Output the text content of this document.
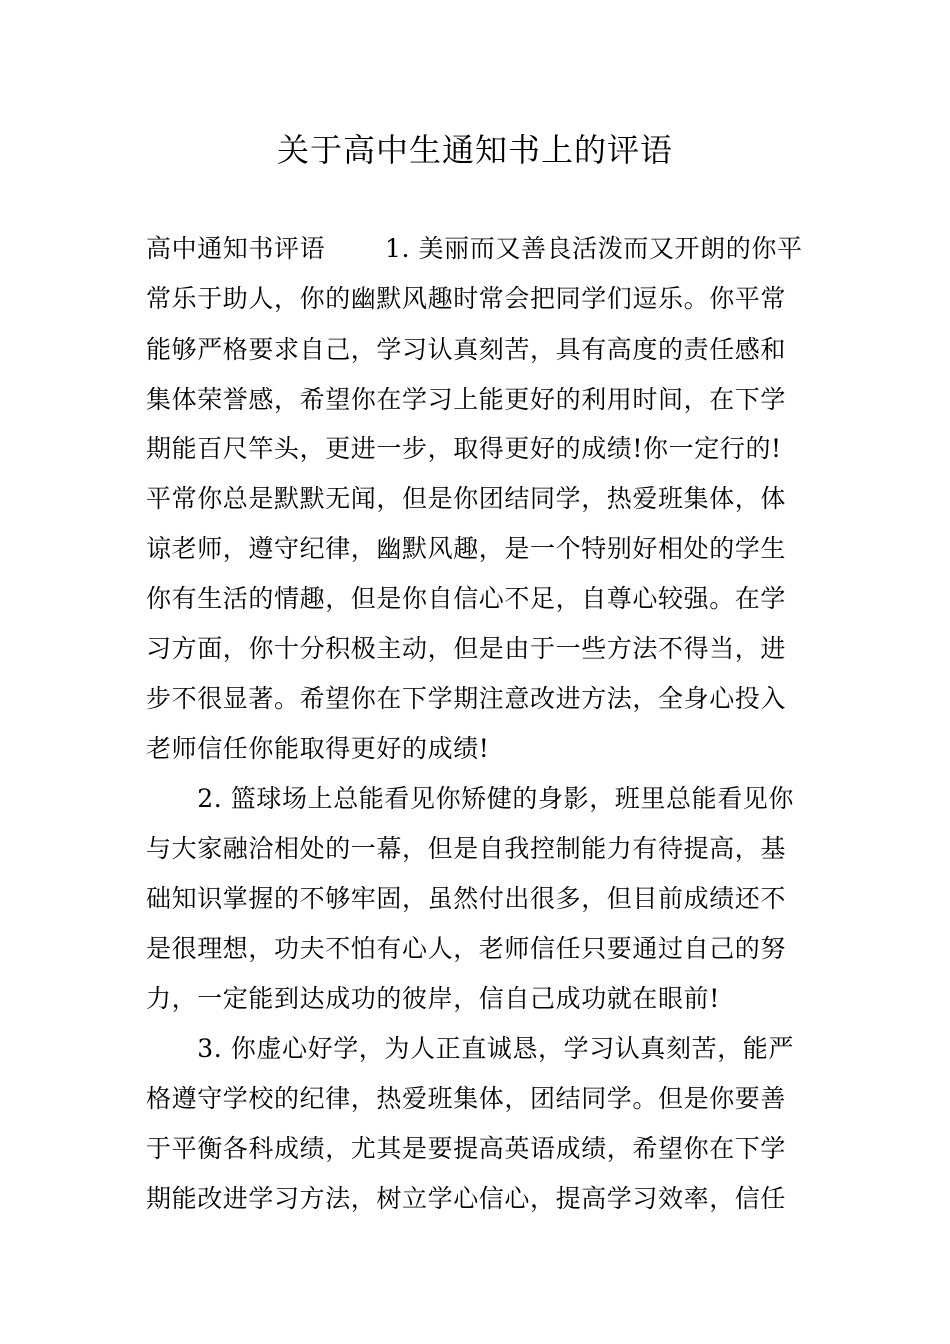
关于高中生通知书上的评语
高中通知书评语　　 1. 美丽而又善良活泼而又开朗的你平
常乐于助人，你的幽默风趣时常会把同学们逗乐。你平常
能够严格要求自己，学习认真刻苦，具有高度的责任感和
集体荣誉感，希望你在学习上能更好的利用时间，在下学
期能百尺竿头，更进一步，取得更好的成绩!你一定行的!
平常你总是默默无闻，但是你团结同学，热爱班集体，体
谅老师，遵守纪律，幽默风趣，是一个特别好相处的学生
你有生活的情趣，但是你自信心不足，自尊心较强。在学
习方面，你十分积极主动，但是由于一些方法不得当，进
步不很显著。希望你在下学期注意改进方法，全身心投入
老师信任你能取得更好的成绩!
　　2. 篮球场上总能看见你矫健的身影，班里总能看见你
与大家融洽相处的一幕，但是自我控制能力有待提高，基
础知识掌握的不够牢固，虽然付出很多，但目前成绩还不
是很理想，功夫不怕有心人，老师信任只要通过自己的努
力，一定能到达成功的彼岸，信自己成功就在眼前!
　　3. 你虚心好学，为人正直诚恳，学习认真刻苦，能严
格遵守学校的纪律，热爱班集体，团结同学。但是你要善
于平衡各科成绩，尤其是要提高英语成绩，希望你在下学
期能改进学习方法，树立学心信心，提高学习效率，信任
